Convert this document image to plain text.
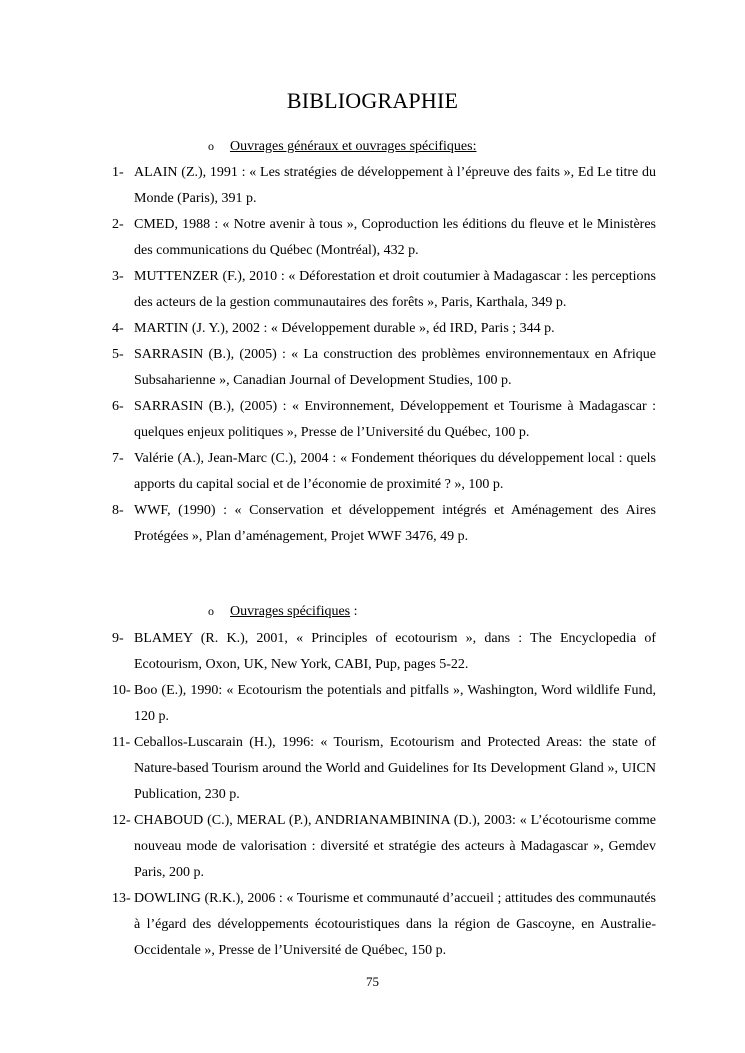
BIBLIOGRAPHIE
o Ouvrages généraux et ouvrages spécifiques:
1- ALAIN (Z.), 1991 : « Les stratégies de développement à l’épreuve des faits », Ed Le titre du Monde (Paris), 391 p.
2- CMED, 1988 : « Notre avenir à tous », Coproduction les éditions du fleuve et le Ministères des communications du Québec (Montréal), 432 p.
3- MUTTENZER (F.), 2010 : « Déforestation et droit coutumier à Madagascar : les perceptions des acteurs de la gestion communautaires des forêts », Paris, Karthala, 349 p.
4- MARTIN (J. Y.), 2002 : « Développement durable », éd IRD, Paris ; 344 p.
5- SARRASIN (B.), (2005) : « La construction des problèmes environnementaux en Afrique Subsaharienne », Canadian Journal of Development Studies, 100 p.
6- SARRASIN (B.), (2005) : « Environnement, Développement et Tourisme à Madagascar : quelques enjeux politiques », Presse de l’Université du Québec, 100 p.
7- Valérie (A.), Jean-Marc (C.), 2004 : « Fondement théoriques du développement local : quels apports du capital social et de l’économie de proximité ? », 100 p.
8- WWF, (1990) : « Conservation et développement intégrés et Aménagement des Aires Protégées », Plan d’aménagement, Projet WWF 3476, 49 p.
o Ouvrages spécifiques :
9- BLAMEY (R. K.), 2001, « Principles of ecotourism », dans : The Encyclopedia of Ecotourism, Oxon, UK, New York, CABI, Pup, pages 5-22.
10- Boo (E.), 1990: « Ecotourism the potentials and pitfalls », Washington, Word wildlife Fund, 120 p.
11- Ceballos-Luscarain (H.), 1996: « Tourism, Ecotourism and Protected Areas: the state of Nature-based Tourism around the World and Guidelines for Its Development Gland », UICN Publication, 230 p.
12- CHABOUD (C.), MERAL (P.), ANDRIANAMBININA (D.), 2003: « L’écotourisme comme nouveau mode de valorisation : diversité et stratégie des acteurs à Madagascar », Gemdev Paris, 200 p.
13- DOWLING (R.K.), 2006 : « Tourisme et communauté d’accueil ; attitudes des communautés à l’égard des développements écotouristiques dans la région de Gascoyne, en Australie-Occidentale », Presse de l’Université de Québec, 150 p.
75
